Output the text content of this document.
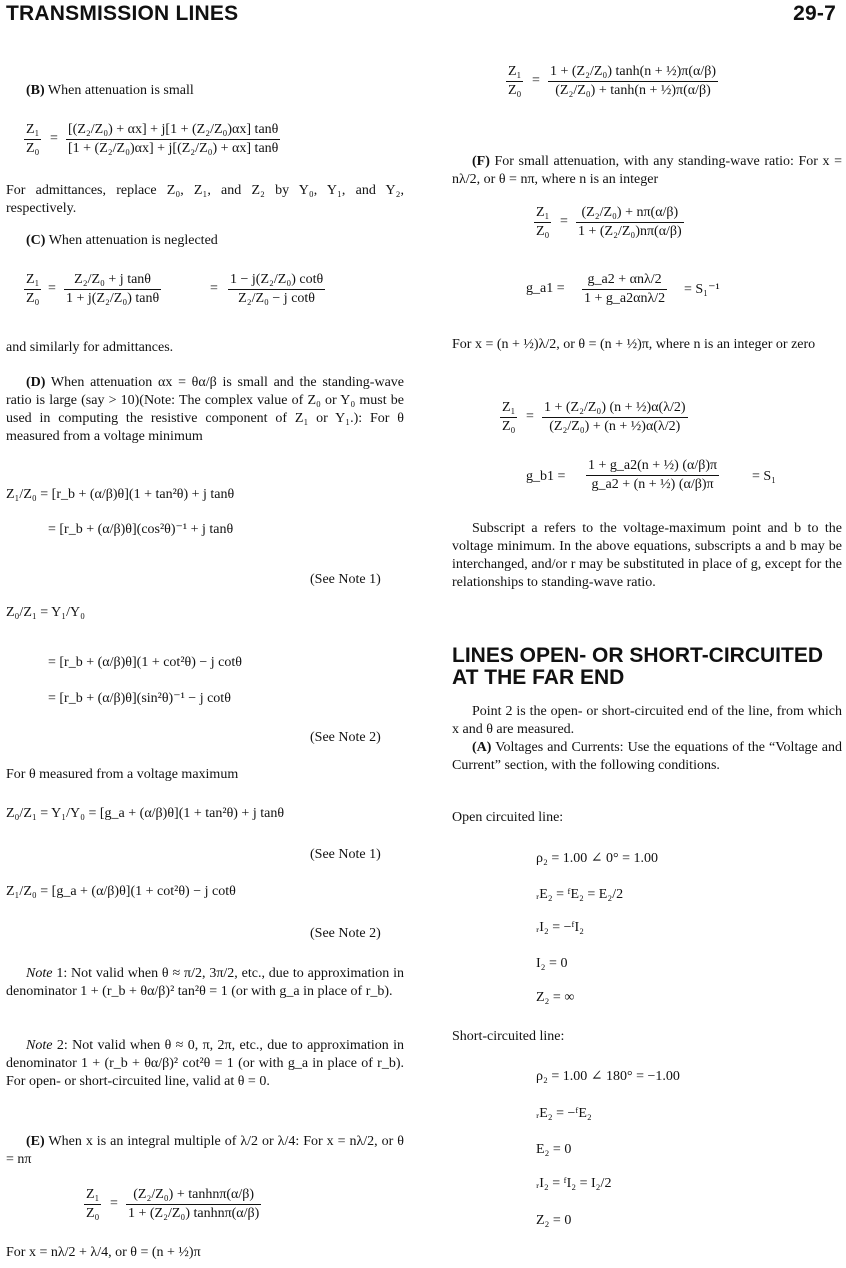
TRANSMISSION LINES	29-7
(B) When attenuation is small
Z₁
Z₀
=
[(Z₂/Z₀) + αx] + j[1 + (Z₂/Z₀)αx] tanθ
[1 + (Z₂/Z₀)αx] + j[(Z₂/Z₀) + αx] tanθ
For admittances, replace Z₀, Z₁, and Z₂ by Y₀, Y₁, and Y₂, respectively.
(C) When attenuation is neglected
Z₁
Z₀
=
Z₂/Z₀ + j tanθ
1 + j(Z₂/Z₀) tanθ
=
1 − j(Z₂/Z₀) cotθ
Z₂/Z₀ − j cotθ
and similarly for admittances.
(D) When attenuation αx = θα/β is small and the standing-wave ratio is large (say > 10)(Note: The complex value of Z₀ or Y₀ must be used in computing the resistive component of Z₁ or Y₁.): For θ measured from a voltage minimum
Z₁/Z₀ = [r_b + (α/β)θ](1 + tan²θ) + j tanθ
= [r_b + (α/β)θ](cos²θ)⁻¹ + j tanθ
(See Note 1)
Z₀/Z₁ = Y₁/Y₀
= [r_b + (α/β)θ](1 + cot²θ) − j cotθ
= [r_b + (α/β)θ](sin²θ)⁻¹ − j cotθ
(See Note 2)
For θ measured from a voltage maximum
Z₀/Z₁ = Y₁/Y₀ = [g_a + (α/β)θ](1 + tan²θ) + j tanθ
(See Note 1)
Z₁/Z₀ = [g_a + (α/β)θ](1 + cot²θ) − j cotθ
(See Note 2)
Note 1: Not valid when θ ≈ π/2, 3π/2, etc., due to approximation in denominator 1 + (r_b + θα/β)² tan²θ = 1 (or with g_a in place of r_b).
Note 2: Not valid when θ ≈ 0, π, 2π, etc., due to approximation in denominator 1 + (r_b + θα/β)² cot²θ = 1 (or with g_a in place of r_b). For open- or short-circuited line, valid at θ = 0.
(E) When x is an integral multiple of λ/2 or λ/4: For x = nλ/2, or θ = nπ
Z₁
Z₀
=
(Z₂/Z₀) + tanhnπ(α/β)
1 + (Z₂/Z₀) tanhnπ(α/β)
For x = nλ/2 + λ/4, or θ = (n + ½)π
Z₁
Z₀
=
1 + (Z₂/Z₀) tanh(n + ½)π(α/β)
(Z₂/Z₀) + tanh(n + ½)π(α/β)
(F) For small attenuation, with any standing-wave ratio: For x = nλ/2, or θ = nπ, where n is an integer
Z₁
Z₀
=
(Z₂/Z₀) + nπ(α/β)
1 + (Z₂/Z₀)nπ(α/β)
g_a1 =
g_a2 + αnλ/2
1 + g_a2αnλ/2
= S₁⁻¹
For x = (n + ½)λ/2, or θ = (n + ½)π, where n is an integer or zero
Z₁
Z₀
=
1 + (Z₂/Z₀) (n + ½)α(λ/2)
(Z₂/Z₀) + (n + ½)α(λ/2)
g_b1 =
1 + g_a2(n + ½) (α/β)π
g_a2 + (n + ½) (α/β)π
= S₁
Subscript a refers to the voltage-maximum point and b to the voltage minimum. In the above equations, subscripts a and b may be interchanged, and/or r may be substituted in place of g, except for the relationships to standing-wave ratio.
LINES OPEN- OR SHORT-CIRCUITED AT THE FAR END
Point 2 is the open- or short-circuited end of the line, from which x and θ are measured.
(A) Voltages and Currents: Use the equations of the “Voltage and Current” section, with the following conditions.
Open circuited line:
ρ₂ = 1.00 ∠ 0° = 1.00
ᵣE₂ = ᶠE₂ = E₂/2
ᵣI₂ = −ᶠI₂
I₂ = 0
Z₂ = ∞
Short-circuited line:
ρ₂ = 1.00 ∠ 180° = −1.00
ᵣE₂ = −ᶠE₂
E₂ = 0
ᵣI₂ = ᶠI₂ = I₂/2
Z₂ = 0
